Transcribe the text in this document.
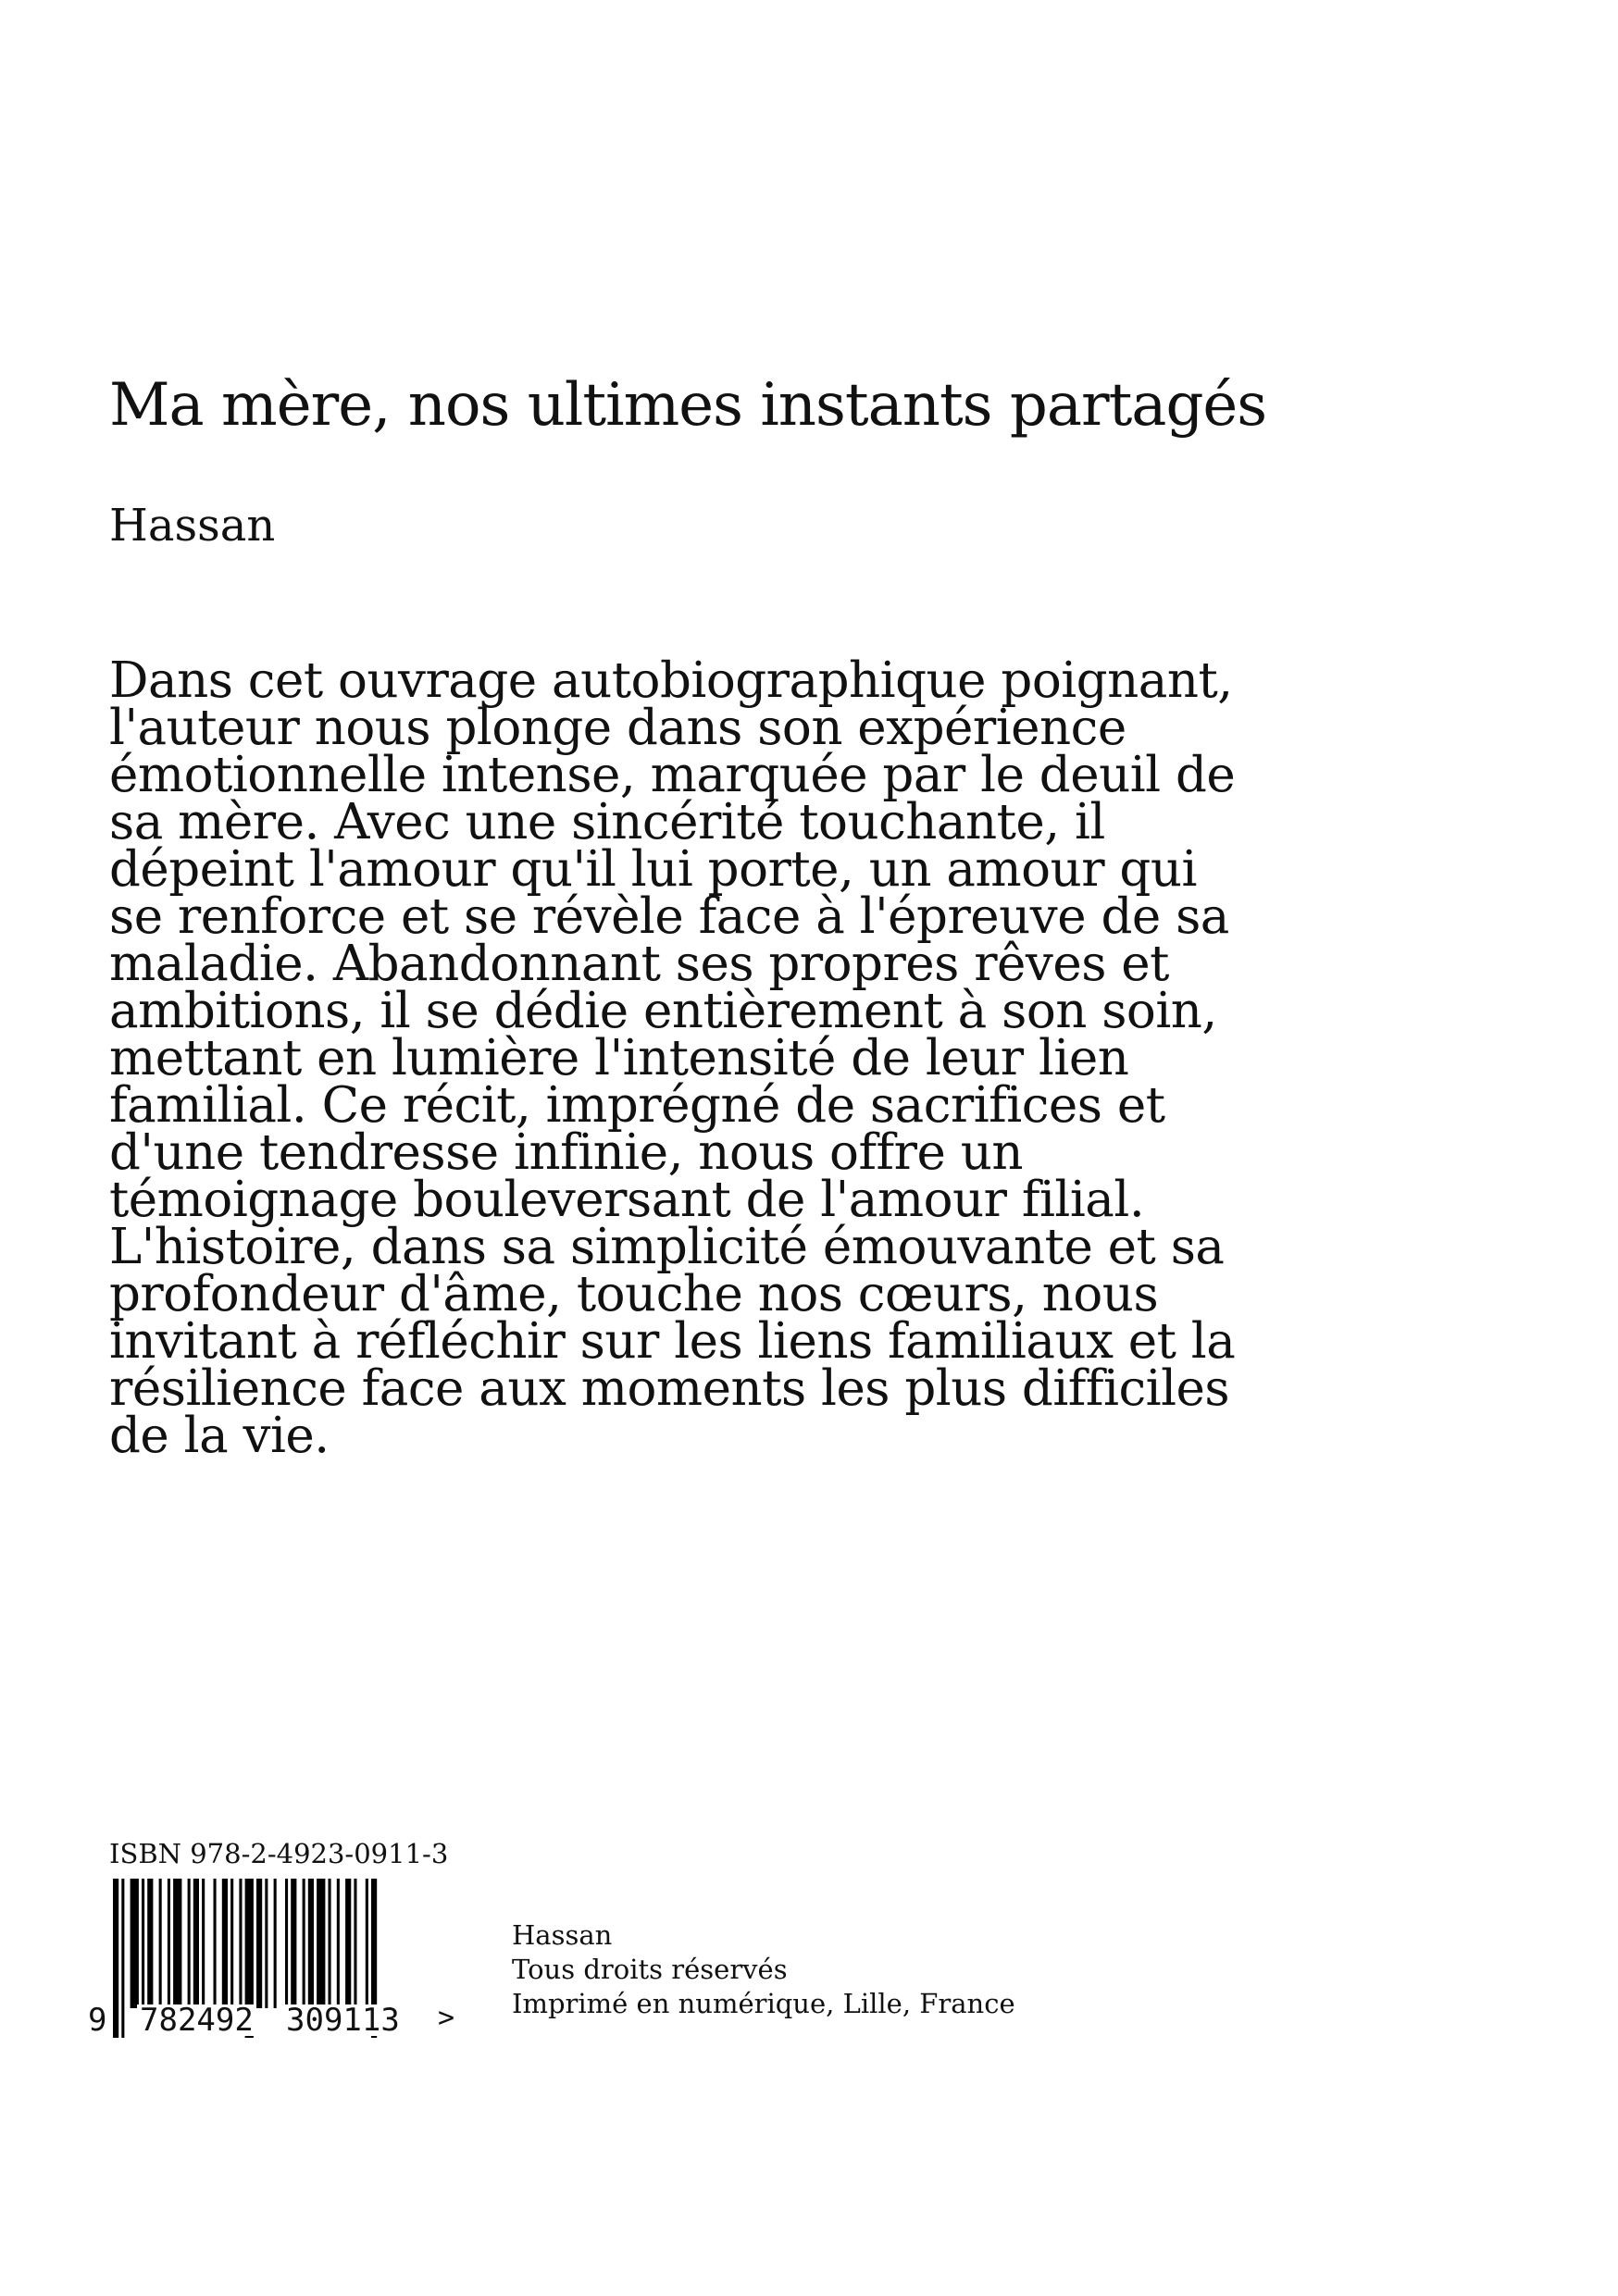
Ma mère, nos ultimes instants partagés

Hassan

Dans cet ouvrage autobiographique poignant,
l'auteur nous plonge dans son expérience
émotionnelle intense, marquée par le deuil de
sa mère. Avec une sincérité touchante, il
dépeint l'amour qu'il lui porte, un amour qui
se renforce et se révèle face à l'épreuve de sa
maladie. Abandonnant ses propres rêves et
ambitions, il se dédie entièrement à son soin,
mettant en lumière l'intensité de leur lien
familial. Ce récit, imprégné de sacrifices et
d'une tendresse infinie, nous offre un
témoignage bouleversant de l'amour filial.
L'histoire, dans sa simplicité émouvante et sa
profondeur d'âme, touche nos cœurs, nous
invitant à réfléchir sur les liens familiaux et la
résilience face aux moments les plus difficiles
de la vie.

ISBN 978-2-4923-0911-3

9 782492 309113 >
Hassan
Tous droits réservés
Imprimé en numérique, Lille, France
